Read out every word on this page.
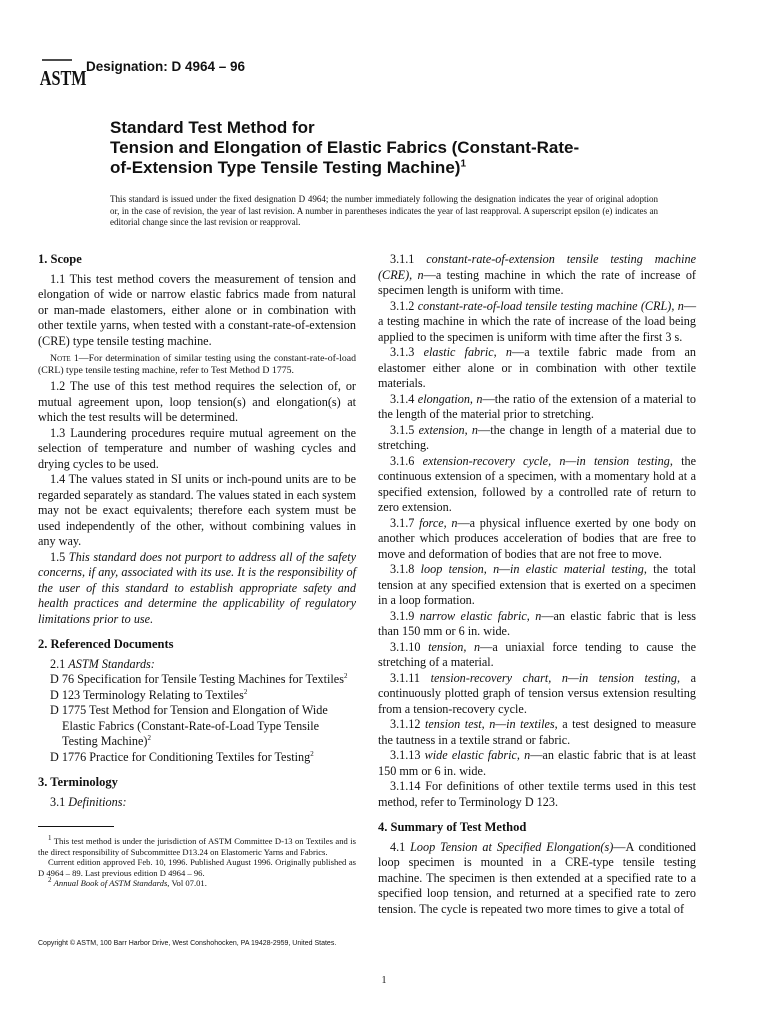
ASTM
Designation: D 4964 – 96
Standard Test Method for
Tension and Elongation of Elastic Fabrics (Constant-Rate-
of-Extension Type Tensile Testing Machine)$^1$
This standard is issued under the fixed designation D 4964; the number immediately following the designation indicates the year of original adoption or, in the case of revision, the year of last revision. A number in parentheses indicates the year of last reapproval. A superscript epsilon (e) indicates an editorial change since the last revision or reapproval.
1. Scope

1.1 This test method covers the measurement of tension and elongation of wide or narrow elastic fabrics made from natural or man-made elastomers, either alone or in combination with other textile yarns, when tested with a constant-rate-of-extension (CRE) type tensile testing machine.

Note 1—For determination of similar testing using the constant-rate-of-load (CRL) type tensile testing machine, refer to Test Method D 1775.

1.2 The use of this test method requires the selection of, or mutual agreement upon, loop tension(s) and elongation(s) at which the test results will be determined.

1.3 Laundering procedures require mutual agreement on the selection of temperature and number of washing cycles and drying cycles to be used.

1.4 The values stated in SI units or inch-pound units are to be regarded separately as standard. The values stated in each system may not be exact equivalents; therefore each system must be used independently of the other, without combining values in any way.

1.5 This standard does not purport to address all of the safety concerns, if any, associated with its use. It is the responsibility of the user of this standard to establish appropriate safety and health practices and determine the applicability of regulatory limitations prior to use.

2. Referenced Documents

2.1 ASTM Standards:

D 76 Specification for Tensile Testing Machines for Textiles$^2$

D 123 Terminology Relating to Textiles$^2$

D 1775 Test Method for Tension and Elongation of Wide Elastic Fabrics (Constant-Rate-of-Load Type Tensile Testing Machine)$^2$

D 1776 Practice for Conditioning Textiles for Testing$^2$

3. Terminology

3.1 Definitions:

$^1$ This test method is under the jurisdiction of ASTM Committee D-13 on Textiles and is the direct responsibility of Subcommittee D13.24 on Elastomeric Yarns and Fabrics.

Current edition approved Feb. 10, 1996. Published August 1996. Originally published as D 4964 – 89. Last previous edition D 4964 – 96.

$^2$ Annual Book of ASTM Standards, Vol 07.01.

3.1.1 constant-rate-of-extension tensile testing machine (CRE), n—a testing machine in which the rate of increase of specimen length is uniform with time.

3.1.2 constant-rate-of-load tensile testing machine (CRL), n—a testing machine in which the rate of increase of the load being applied to the specimen is uniform with time after the first 3 s.

3.1.3 elastic fabric, n—a textile fabric made from an elastomer either alone or in combination with other textile materials.

3.1.4 elongation, n—the ratio of the extension of a material to the length of the material prior to stretching.

3.1.5 extension, n—the change in length of a material due to stretching.

3.1.6 extension-recovery cycle, n—in tension testing, the continuous extension of a specimen, with a momentary hold at a specified extension, followed by a controlled rate of return to zero extension.

3.1.7 force, n—a physical influence exerted by one body on another which produces acceleration of bodies that are free to move and deformation of bodies that are not free to move.

3.1.8 loop tension, n—in elastic material testing, the total tension at any specified extension that is exerted on a specimen in a loop formation.

3.1.9 narrow elastic fabric, n—an elastic fabric that is less than 150 mm or 6 in. wide.

3.1.10 tension, n—a uniaxial force tending to cause the stretching of a material.

3.1.11 tension-recovery chart, n—in tension testing, a continuously plotted graph of tension versus extension resulting from a tension-recovery cycle.

3.1.12 tension test, n—in textiles, a test designed to measure the tautness in a textile strand or fabric.

3.1.13 wide elastic fabric, n—an elastic fabric that is at least 150 mm or 6 in. wide.

3.1.14 For definitions of other textile terms used in this test method, refer to Terminology D 123.

4. Summary of Test Method

4.1 Loop Tension at Specified Elongation(s)—A conditioned loop specimen is mounted in a CRE-type tensile testing machine. The specimen is then extended at a specified rate to a specified loop tension, and returned at a specified rate to zero tension. The cycle is repeated two more times to give a total of

Copyright © ASTM, 100 Barr Harbor Drive, West Conshohocken, PA 19428-2959, United States.
1
